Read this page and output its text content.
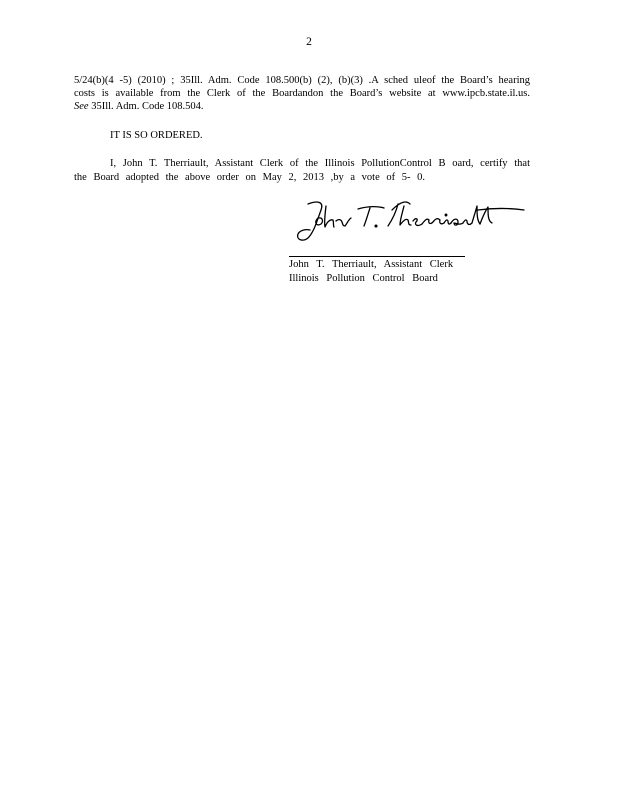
2
5/24(b)(4 -5) (2010) ; 35Ill. Adm. Code 108.500(b) (2), (b)(3) .A sched uleof the Board’s hearing
costs is available from the Clerk of the Boardandon the Board’s website at www.ipcb.state.il.us.
See 35Ill. Adm. Code 108.504.
IT IS SO ORDERED.
I, John T. Therriault, Assistant Clerk of the Illinois PollutionControl B oard, certify that
the Board adopted the above order on May 2, 2013 ,by a vote of 5- 0.
John T. Therriault, Assistant Clerk
Illinois Pollution Control Board
